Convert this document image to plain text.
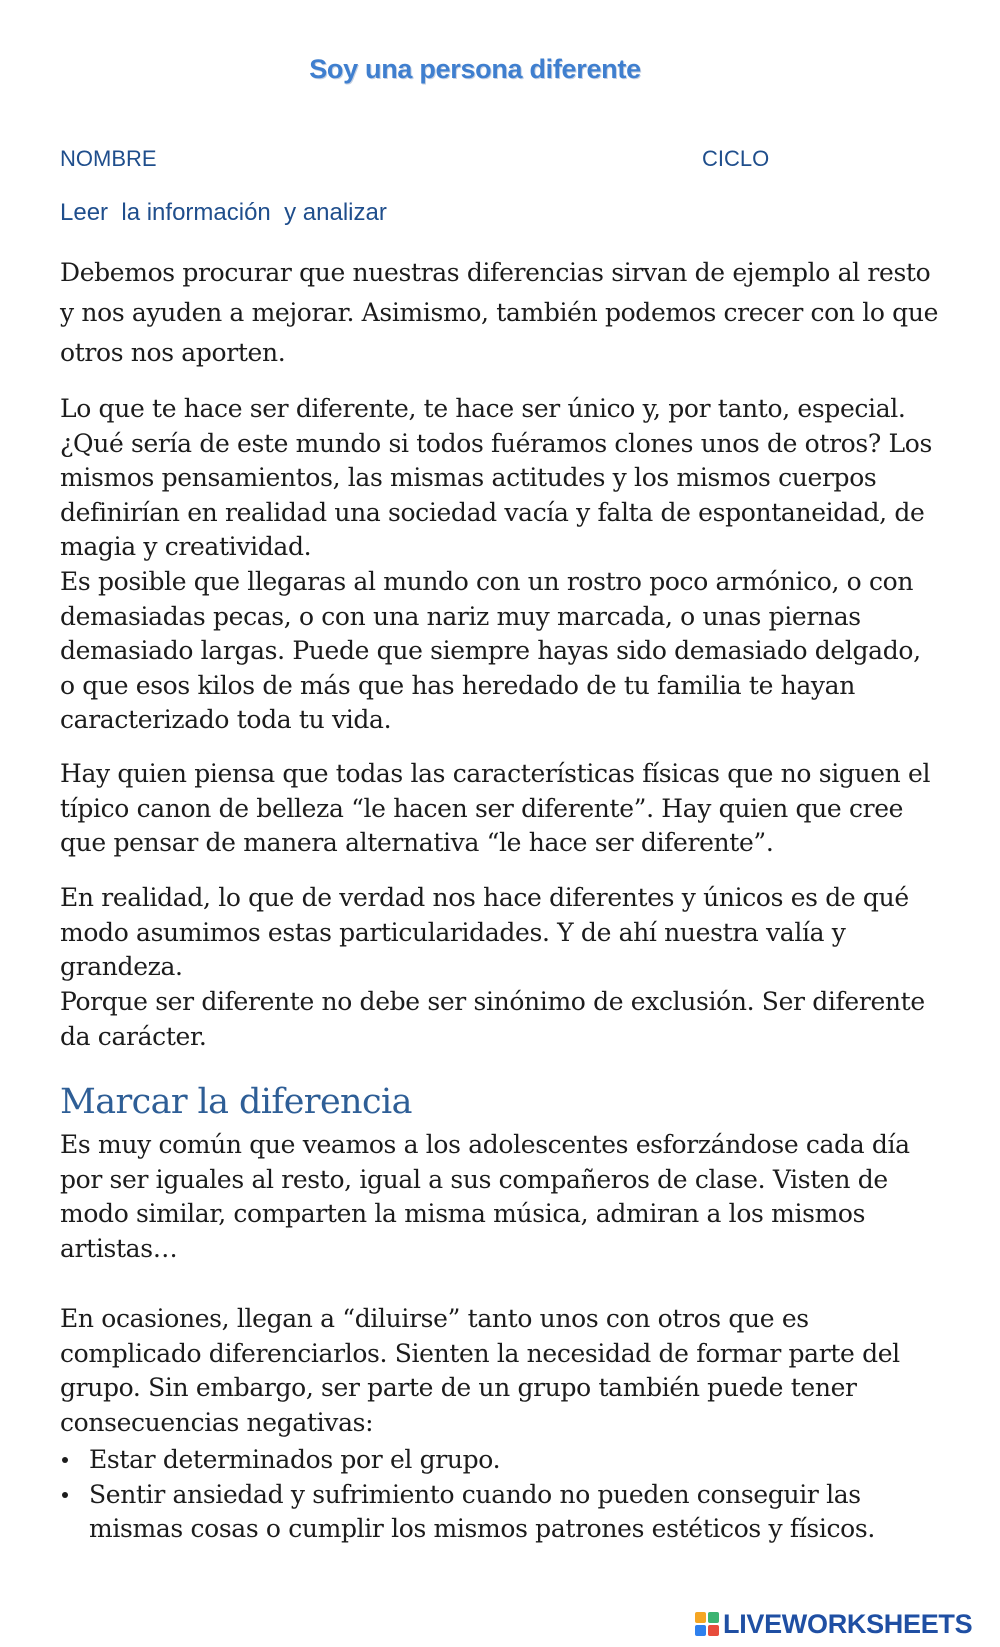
Soy una persona diferente
NOMBRE	CICLO
Leer  la información  y analizar

Debemos procurar que nuestras diferencias sirvan de ejemplo al resto y nos ayuden a mejorar. Asimismo, también podemos crecer con lo que otros nos aporten.

Lo que te hace ser diferente, te hace ser único y, por tanto, especial. ¿Qué sería de este mundo si todos fuéramos clones unos de otros? Los mismos pensamientos, las mismas actitudes y los mismos cuerpos definirían en realidad una sociedad vacía y falta de espontaneidad, de magia y creatividad.

Es posible que llegaras al mundo con un rostro poco armónico, o con demasiadas pecas, o con una nariz muy marcada, o unas piernas demasiado largas. Puede que siempre hayas sido demasiado delgado, o que esos kilos de más que has heredado de tu familia te hayan caracterizado toda tu vida.

Hay quien piensa que todas las características físicas que no siguen el típico canon de belleza “le hacen ser diferente”. Hay quien que cree que pensar de manera alternativa “le hace ser diferente”.

En realidad, lo que de verdad nos hace diferentes y únicos es de qué modo asumimos estas particularidades. Y de ahí nuestra valía y grandeza.

Porque ser diferente no debe ser sinónimo de exclusión. Ser diferente da carácter.

Marcar la diferencia

Es muy común que veamos a los adolescentes esforzándose cada día por ser iguales al resto, igual a sus compañeros de clase. Visten de modo similar, comparten la misma música, admiran a los mismos artistas…

En ocasiones, llegan a “diluirse” tanto unos con otros que es complicado diferenciarlos. Sienten la necesidad de formar parte del grupo. Sin embargo, ser parte de un grupo también puede tener consecuencias negativas:

Estar determinados por el grupo.
Sentir ansiedad y sufrimiento cuando no pueden conseguir las mismas cosas o cumplir los mismos patrones estéticos y físicos.
LIVEWORKSHEETS
